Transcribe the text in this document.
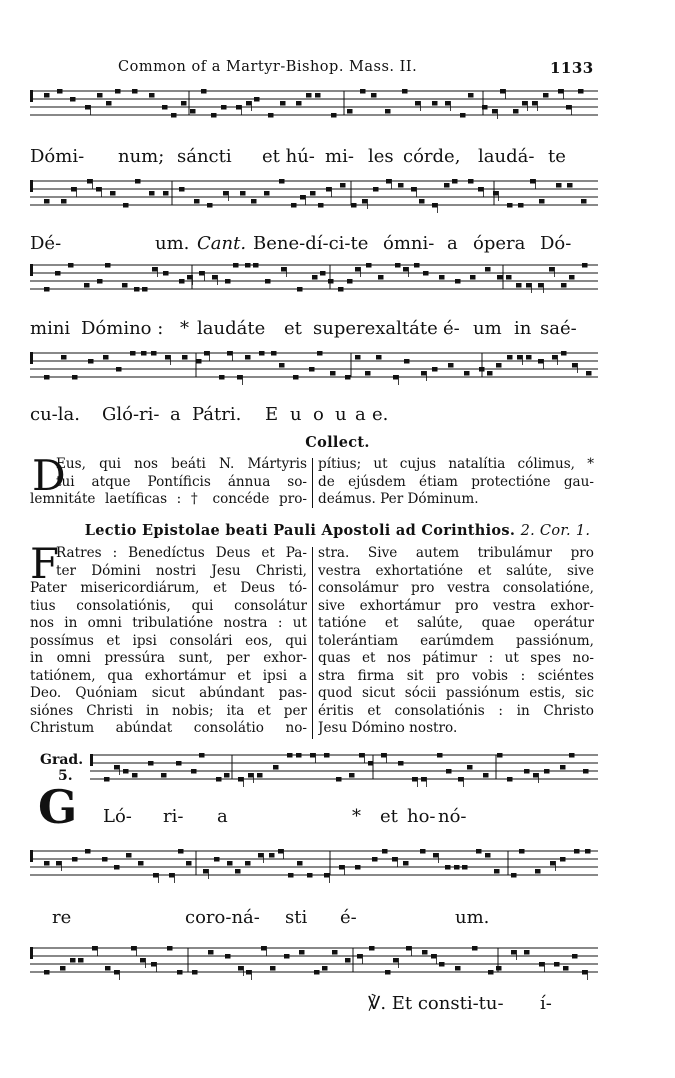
Common of a Martyr-Bishop. Mass. II.	1133
Dómi- num; sáncti et hú- mi- les córde, laudá- te
Dé-	um. Cant. Bene-dí-ci-te ómni- a ópera Dó-
mini Dómino : * laudáte et superexaltáte é- um in saé-
cu-la. Gló-ri- a Pátri. E u o u a e.
Collect.
D
Eus, qui nos beáti N. Mártyris
tui atque Pontíficis ánnua so-
lemnitáte laetíficas : † concéde pro-
pítius; ut cujus natalítia cólimus, *
de ejúsdem étiam protectióne gau-
deámus. Per Dóminum.
Lectio Epistolae beati Pauli Apostoli ad Corinthios. 2. Cor. 1.
F
Ratres : Benedíctus Deus et Pa-
ter Dómini nostri Jesu Christi,
Pater misericordiárum, et Deus tó-
tius consolatiónis, qui consolátur
nos in omni tribulatióne nostra : ut
possímus et ipsi consolári eos, qui
in omni pressúra sunt, per exhor-
tatiónem, qua exhortámur et ipsi a
Deo. Quóniam sicut abúndant pas-
siónes Christi in nobis; ita et per
Christum abúndat consolátio no-
stra. Sive autem tribulámur pro
vestra exhortatióne et salúte, sive
consolámur pro vestra consolatióne,
sive exhortámur pro vestra exhor-
tatióne et salúte, quae operátur
tolerántiam earúmdem passiónum,
quas et nos pátimur : ut spes no-
stra firma sit pro vobis : sciéntes
quod sicut sócii passiónum estis, sic
éritis et consolatiónis : in Christo
Jesu Dómino nostro.
Grad.
5.
G Ló- ri- a	* et ho- nó-
re	coro-ná- sti é-	um.
℣. Et consti-tu- í-
